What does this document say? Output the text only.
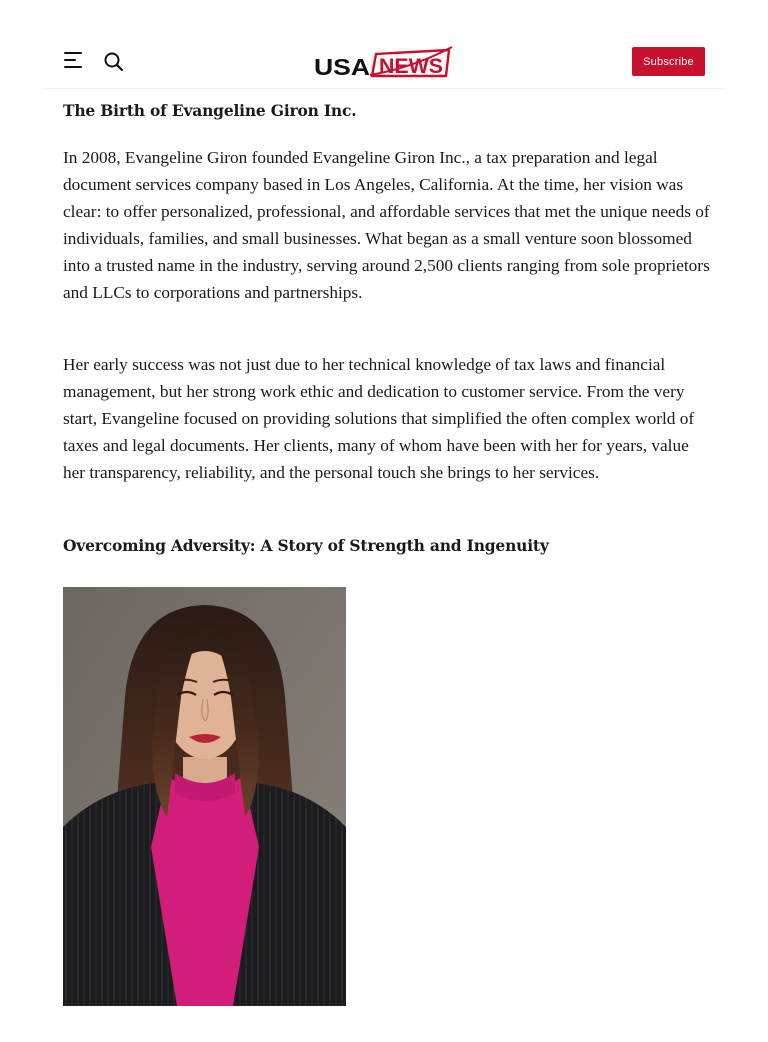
USA NEWS	Subscribe
The Birth of Evangeline Giron Inc.

In 2008, Evangeline Giron founded Evangeline Giron Inc., a tax preparation and legal document services company based in Los Angeles, California. At the time, her vision was clear: to offer personalized, professional, and affordable services that met the unique needs of individuals, families, and small businesses. What began as a small venture soon blossomed into a trusted name in the industry, serving around 2,500 clients ranging from sole proprietors and LLCs to corporations and partnerships.

Her early success was not just due to her technical knowledge of tax laws and financial management, but her strong work ethic and dedication to customer service. From the very start, Evangeline focused on providing solutions that simplified the often complex world of taxes and legal documents. Her clients, many of whom have been with her for years, value her transparency, reliability, and the personal touch she brings to her services.

Overcoming Adversity: A Story of Strength and Ingenuity
